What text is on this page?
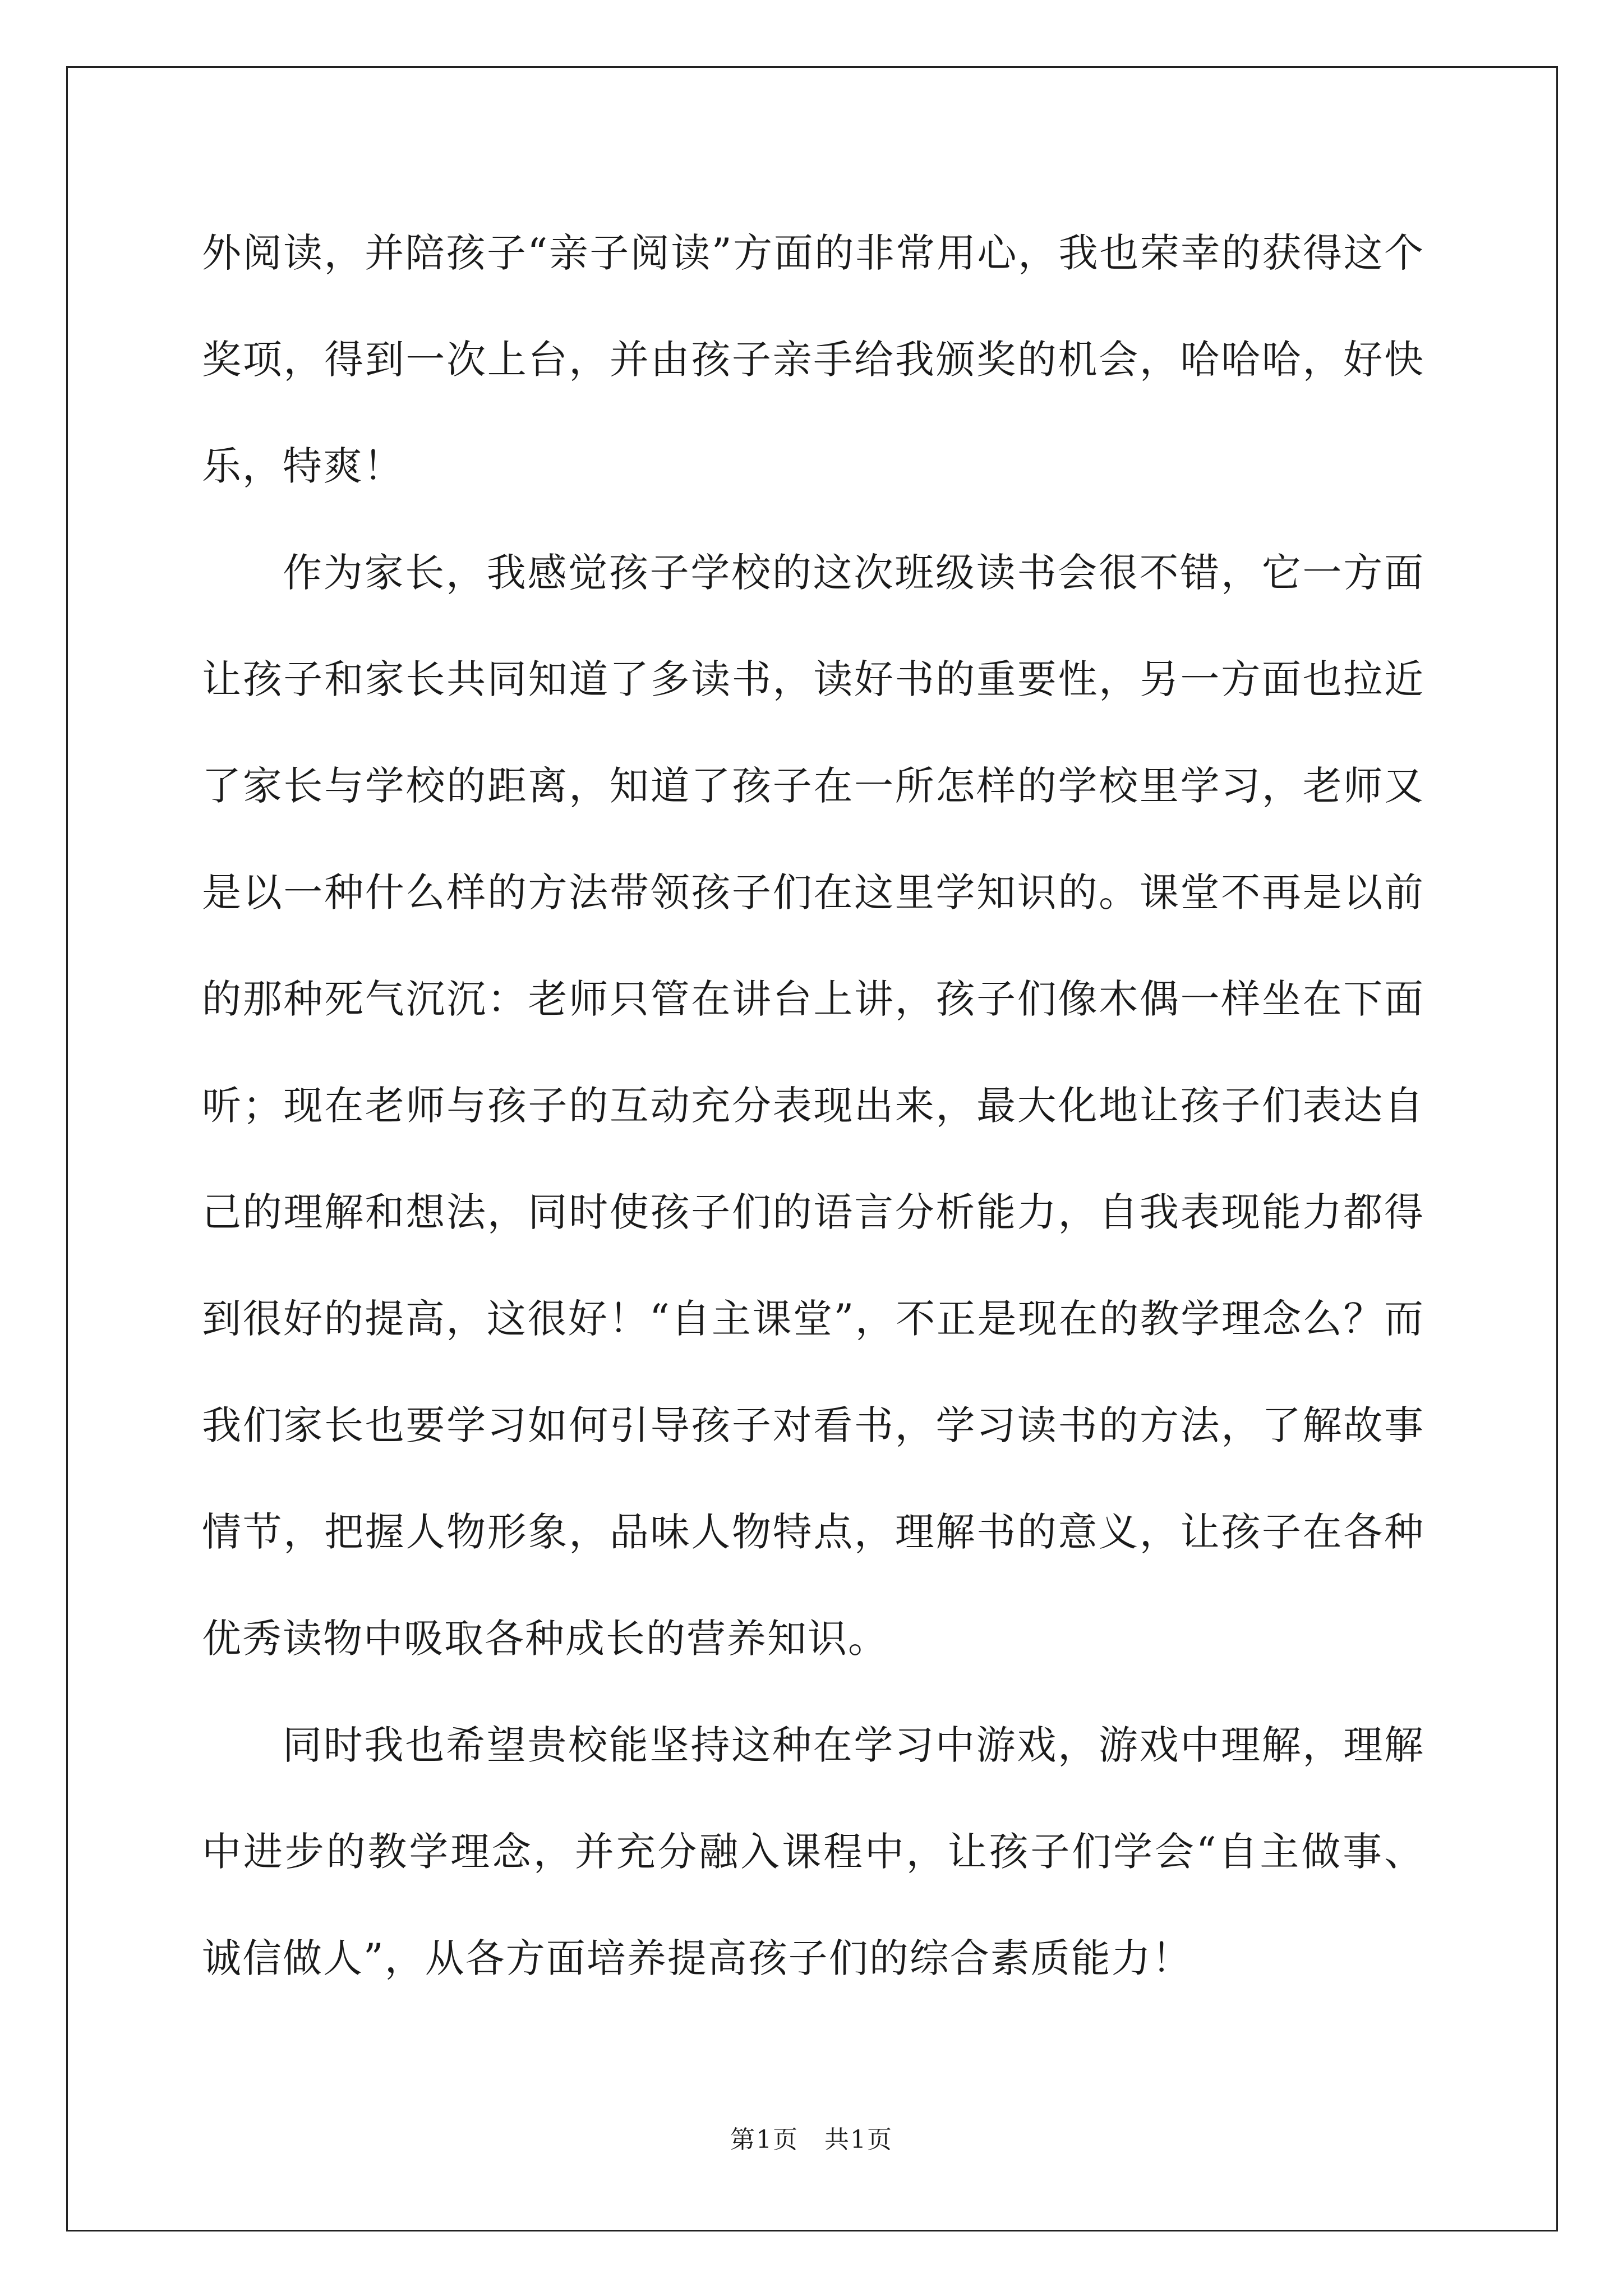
外阅读，并陪孩子“亲子阅读”方面的非常用心，我也荣幸的获得这个奖项，得到一次上台，并由孩子亲手给我颁奖的机会，哈哈哈，好快乐，特爽！

作为家长，我感觉孩子学校的这次班级读书会很不错，它一方面让孩子和家长共同知道了多读书，读好书的重要性，另一方面也拉近了家长与学校的距离，知道了孩子在一所怎样的学校里学习，老师又是以一种什么样的方法带领孩子们在这里学知识的。课堂不再是以前的那种死气沉沉：老师只管在讲台上讲，孩子们像木偶一样坐在下面听；现在老师与孩子的互动充分表现出来，最大化地让孩子们表达自己的理解和想法，同时使孩子们的语言分析能力，自我表现能力都得到很好的提高，这很好！“自主课堂”，不正是现在的教学理念么？而我们家长也要学习如何引导孩子对看书，学习读书的方法，了解故事情节，把握人物形象，品味人物特点，理解书的意义，让孩子在各种优秀读物中吸取各种成长的营养知识。

同时我也希望贵校能坚持这种在学习中游戏，游戏中理解，理解中进步的教学理念，并充分融入课程中，让孩子们学会“自主做事、诚信做人”，从各方面培养提高孩子们的综合素质能力！

第1页　共1页
